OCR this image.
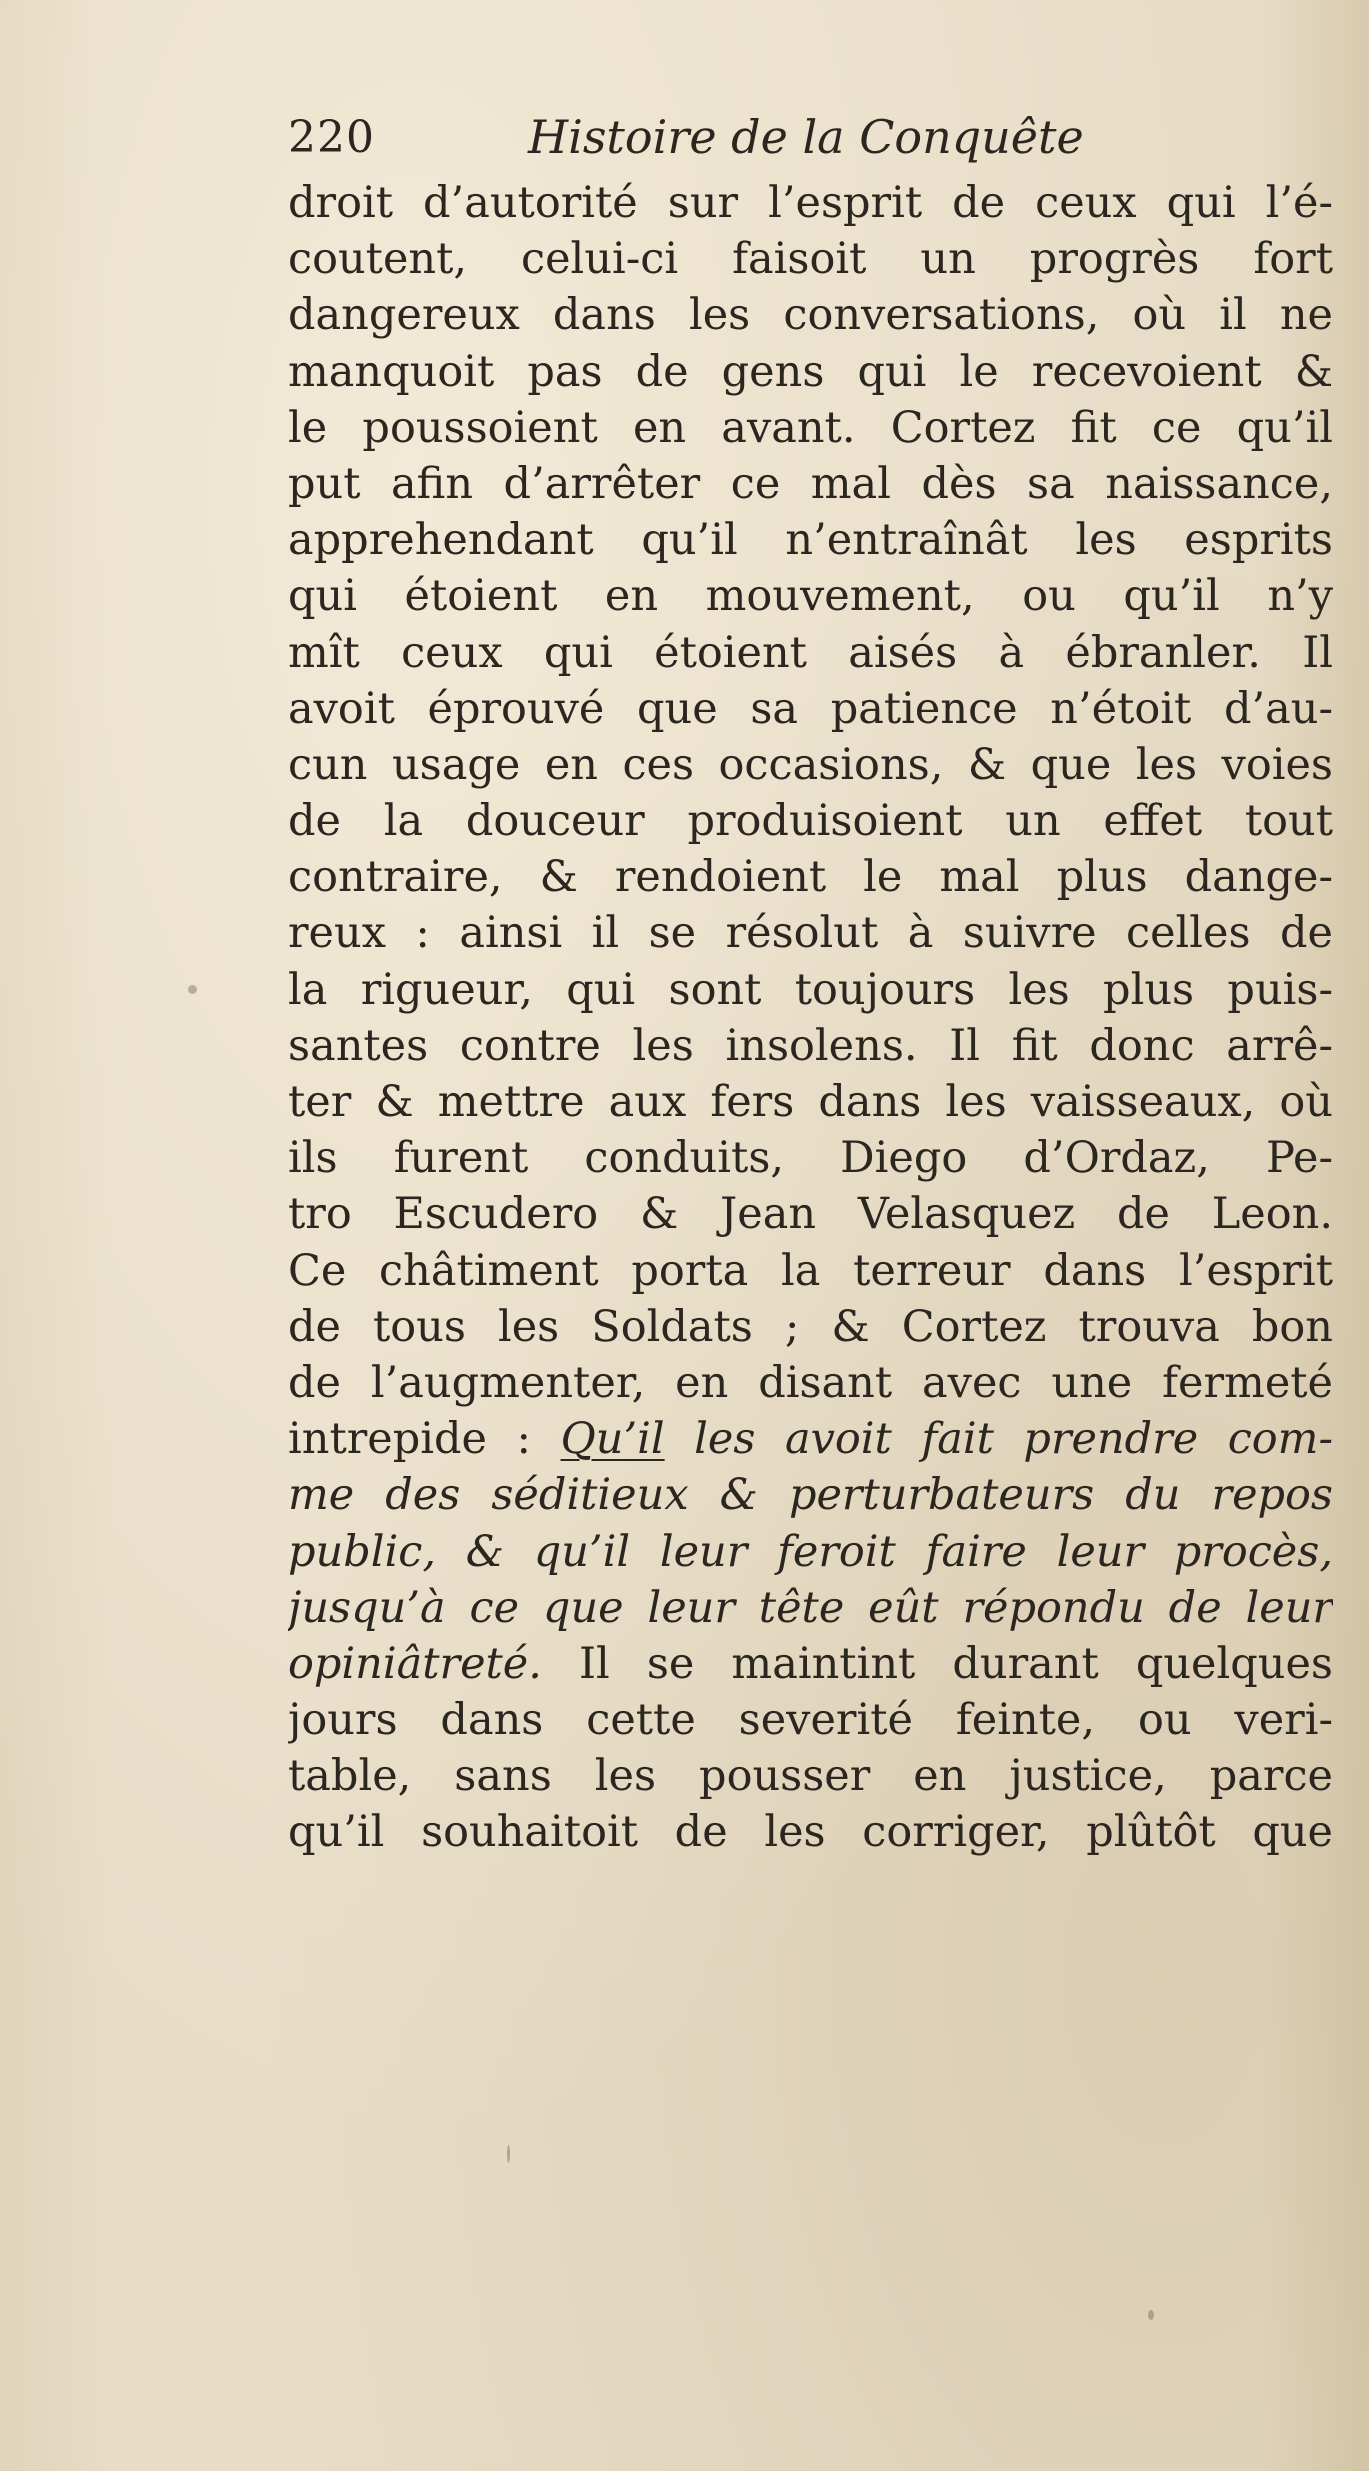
220	Histoire de la Conquête
droit d’autorité sur l’esprit de ceux qui l’é-
coutent, celui-ci faisoit un progrès fort
dangereux dans les conversations, où il ne
manquoit pas de gens qui le recevoient &
le poussoient en avant. Cortez fit ce qu’il
put afin d’arrêter ce mal dès sa naissance,
apprehendant qu’il n’entraînât les esprits
qui étoient en mouvement, ou qu’il n’y
mît ceux qui étoient aisés à ébranler. Il
avoit éprouvé que sa patience n’étoit d’au-
cun usage en ces occasions, & que les voies
de la douceur produisoient un effet tout
contraire, & rendoient le mal plus dange-
reux : ainsi il se résolut à suivre celles de
la rigueur, qui sont toujours les plus puis-
santes contre les insolens. Il fit donc arrê-
ter & mettre aux fers dans les vaisseaux, où
ils furent conduits, Diego d’Ordaz, Pe-
tro Escudero & Jean Velasquez de Leon.
Ce châtiment porta la terreur dans l’esprit
de tous les Soldats ; & Cortez trouva bon
de l’augmenter, en disant avec une fermeté
intrepide : Qu’il les avoit fait prendre com-
me des séditieux & perturbateurs du repos
public, & qu’il leur feroit faire leur procès,
jusqu’à ce que leur tête eût répondu de leur
opiniâtreté. Il se maintint durant quelques
jours dans cette severité feinte, ou veri-
table, sans les pousser en justice, parce
qu’il souhaitoit de les corriger, plûtôt que
